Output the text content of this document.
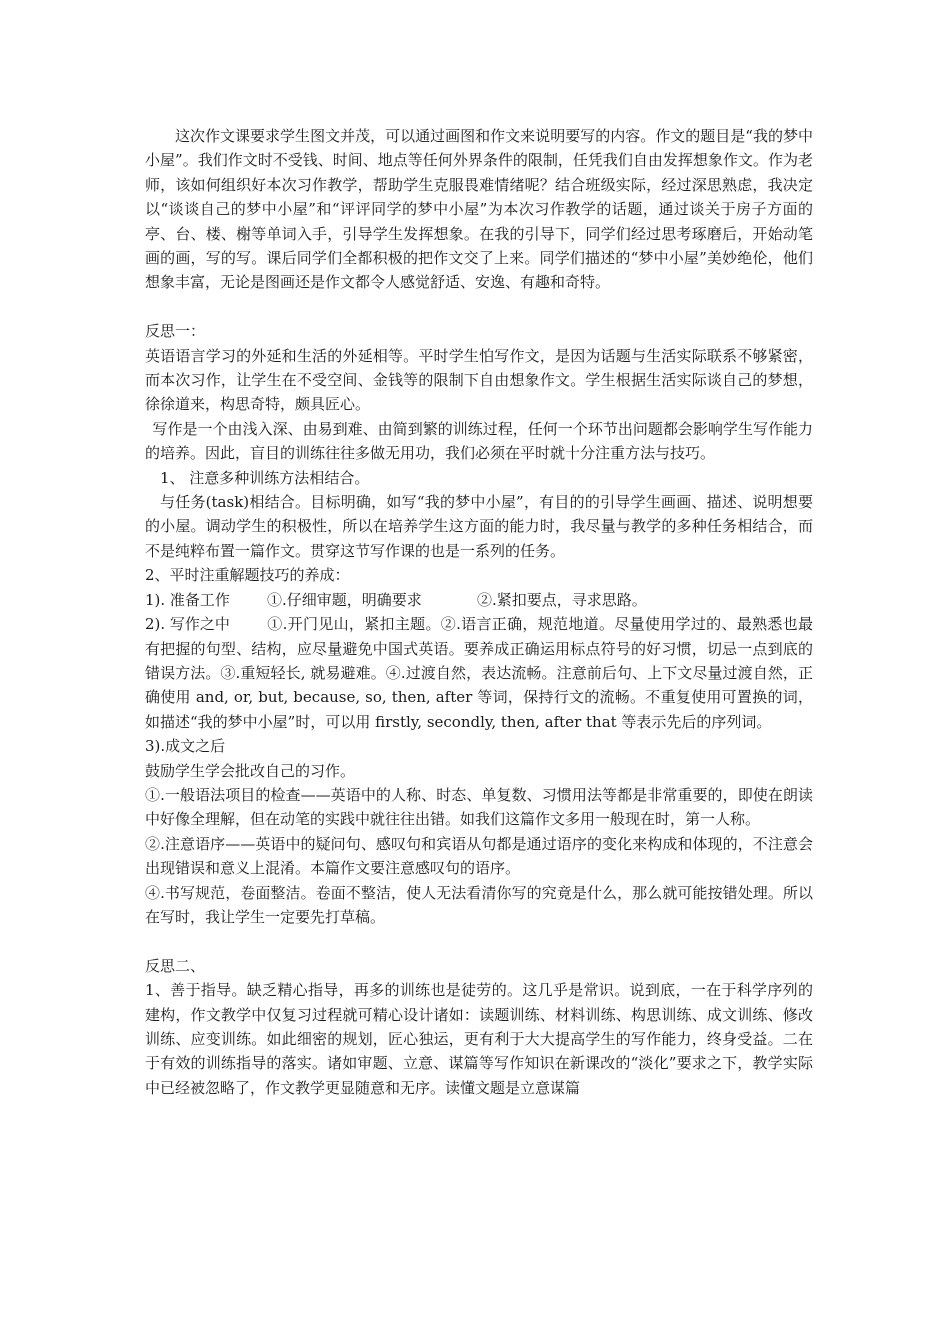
这次作文课要求学生图文并茂，可以通过画图和作文来说明要写的内容。作文的题目是“我的梦中小屋”。我们作文时不受钱、时间、地点等任何外界条件的限制，任凭我们自由发挥想象作文。作为老师，该如何组织好本次习作教学，帮助学生克服畏难情绪呢？结合班级实际，经过深思熟虑，我决定以“谈谈自己的梦中小屋”和“评评同学的梦中小屋”为本次习作教学的话题，通过谈关于房子方面的亭、台、楼、榭等单词入手，引导学生发挥想象。在我的引导下，同学们经过思考琢磨后，开始动笔画的画，写的写。课后同学们全都积极的把作文交了上来。同学们描述的“梦中小屋”美妙绝伦，他们想象丰富，无论是图画还是作文都令人感觉舒适、安逸、有趣和奇特。

反思一：

英语语言学习的外延和生活的外延相等。平时学生怕写作文，是因为话题与生活实际联系不够紧密，而本次习作，让学生在不受空间、金钱等的限制下自由想象作文。学生根据生活实际谈自己的梦想，徐徐道来，构思奇特，颇具匠心。

写作是一个由浅入深、由易到难、由简到繁的训练过程，任何一个环节出问题都会影响学生写作能力的培养。因此，盲目的训练往往多做无用功，我们必须在平时就十分注重方法与技巧。

1、 注意多种训练方法相结合。

与任务(task)相结合。目标明确，如写“我的梦中小屋”，有目的的引导学生画画、描述、说明想要的小屋。调动学生的积极性，所以在培养学生这方面的能力时，我尽量与教学的多种任务相结合，而不是纯粹布置一篇作文。贯穿这节写作课的也是一系列的任务。

2、平时注重解题技巧的养成：

1). 准备工作 ①.仔细审题，明确要求	②.紧扣要点，寻求思路。

2). 写作之中 ①.开门见山，紧扣主题。②.语言正确，规范地道。尽量使用学过的、最熟悉也最有把握的句型、结构，应尽量避免中国式英语。要养成正确运用标点符号的好习惯，切忌一点到底的错误方法。③.重短轻长, 就易避难。④.过渡自然，表达流畅。注意前后句、上下文尽量过渡自然，正确使用 and, or, but, because, so, then, after 等词，保持行文的流畅。不重复使用可置换的词，如描述“我的梦中小屋”时，可以用 firstly, secondly, then, after that 等表示先后的序列词。

3).成文之后

鼓励学生学会批改自己的习作。

①.一般语法项目的检查——英语中的人称、时态、单复数、习惯用法等都是非常重要的，即使在朗读中好像全理解，但在动笔的实践中就往往出错。如我们这篇作文多用一般现在时，第一人称。

②.注意语序——英语中的疑问句、感叹句和宾语从句都是通过语序的变化来构成和体现的，不注意会出现错误和意义上混淆。本篇作文要注意感叹句的语序。

④.书写规范，卷面整洁。卷面不整洁，使人无法看清你写的究竟是什么，那么就可能按错处理。所以在写时，我让学生一定要先打草稿。

反思二、

1、善于指导。缺乏精心指导，再多的训练也是徒劳的。这几乎是常识。说到底，一在于科学序列的建构，作文教学中仅复习过程就可精心设计诸如：读题训练、材料训练、构思训练、成文训练、修改训练、应变训练。如此细密的规划，匠心独运，更有利于大大提高学生的写作能力，终身受益。二在于有效的训练指导的落实。诸如审题、立意、谋篇等写作知识在新课改的“淡化”要求之下，教学实际中已经被忽略了，作文教学更显随意和无序。读懂文题是立意谋篇
